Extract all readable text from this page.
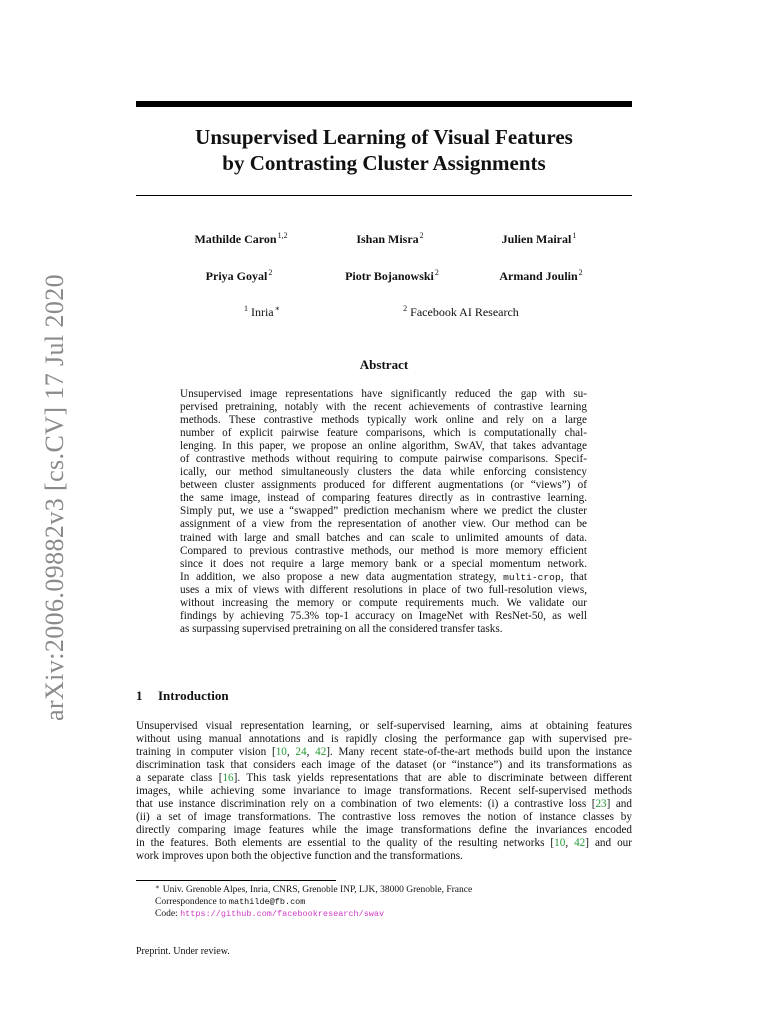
arXiv:2006.09882v3 [cs.CV] 17 Jul 2020
Unsupervised Learning of Visual Features
by Contrasting Cluster Assignments
Mathilde Caron$^{1,2}$	Ishan Misra$^2$	Julien Mairal$^1$
Priya Goyal$^2$	Piotr Bojanowski$^2$	Armand Joulin$^2$
$^1$ Inria∗	$^2$ Facebook AI Research
Abstract
Unsupervised image representations have significantly reduced the gap with su-
pervised pretraining, notably with the recent achievements of contrastive learning
methods. These contrastive methods typically work online and rely on a large
number of explicit pairwise feature comparisons, which is computationally chal-
lenging. In this paper, we propose an online algorithm, SwAV, that takes advantage
of contrastive methods without requiring to compute pairwise comparisons. Specif-
ically, our method simultaneously clusters the data while enforcing consistency
between cluster assignments produced for different augmentations (or “views”) of
the same image, instead of comparing features directly as in contrastive learning.
Simply put, we use a “swapped” prediction mechanism where we predict the cluster
assignment of a view from the representation of another view. Our method can be
trained with large and small batches and can scale to unlimited amounts of data.
Compared to previous contrastive methods, our method is more memory efficient
since it does not require a large memory bank or a special momentum network.
In addition, we also propose a new data augmentation strategy, multi-crop, that
uses a mix of views with different resolutions in place of two full-resolution views,
without increasing the memory or compute requirements much. We validate our
findings by achieving 75.3% top-1 accuracy on ImageNet with ResNet-50, as well
as surpassing supervised pretraining on all the considered transfer tasks.
1 Introduction
Unsupervised visual representation learning, or self-supervised learning, aims at obtaining features
without using manual annotations and is rapidly closing the performance gap with supervised pre-
training in computer vision [10, 24, 42]. Many recent state-of-the-art methods build upon the instance
discrimination task that considers each image of the dataset (or “instance”) and its transformations as
a separate class [16]. This task yields representations that are able to discriminate between different
images, while achieving some invariance to image transformations. Recent self-supervised methods
that use instance discrimination rely on a combination of two elements: (i) a contrastive loss [23] and
(ii) a set of image transformations. The contrastive loss removes the notion of instance classes by
directly comparing image features while the image transformations define the invariances encoded
in the features. Both elements are essential to the quality of the resulting networks [10, 42] and our
work improves upon both the objective function and the transformations.
∗ Univ. Grenoble Alpes, Inria, CNRS, Grenoble INP, LJK, 38000 Grenoble, France
Correspondence to mathilde@fb.com
Code: https://github.com/facebookresearch/swav
Preprint. Under review.
